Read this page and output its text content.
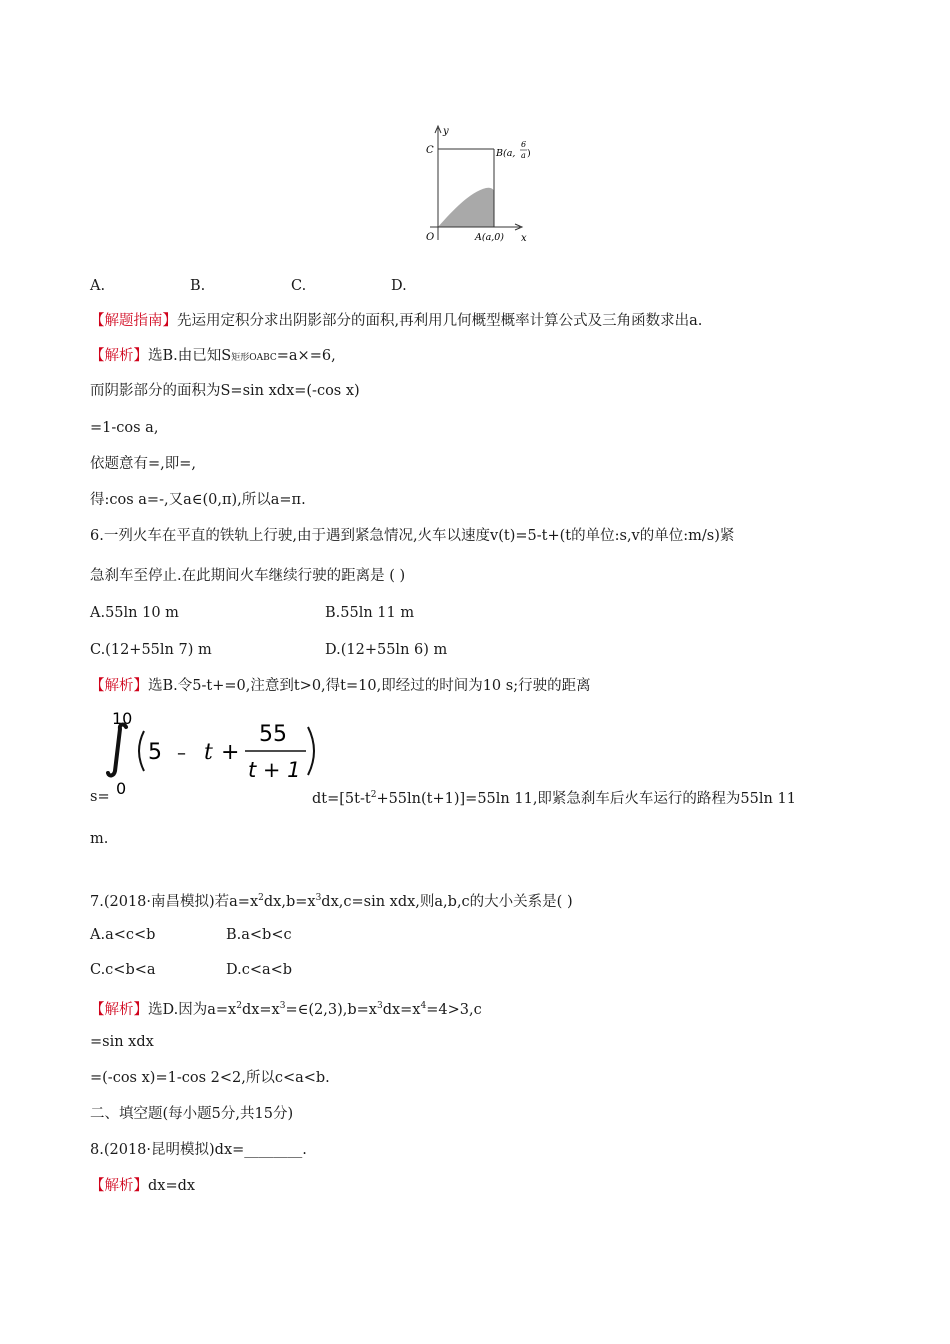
y
x
O
C	B(a,
6
a )
A(a,0)
A.	B.	C.	D.
【解题指南】先运用定积分求出阴影部分的面积,再利用几何概型概率计算公式及三角函数求出a.
【解析】选B.由已知S矩形OABC=a×=6,
而阴影部分的面积为S=sin xdx=(-cos x)
=1-cos a,
依题意有=,即=,
得:cos a=-,又a∈(0,π),所以a=π.
6.一列火车在平直的铁轨上行驶,由于遇到紧急情况,火车以速度v(t)=5-t+(t的单位:s,v的单位:m/s)紧
急刹车至停止.在此期间火车继续行驶的距离是 ( )
A.55ln 10 m	B.55ln 11 m
C.(12+55ln 7) m	D.(12+55ln 6) m
【解析】选B.令5-t+=0,注意到t>0,得t=10,即经过的时间为10 s;行驶的距离
10
0
5 – t +
55
t + 1
s=	$dt=[5t-t^2+55\ln(t+1)]=55\ln$ 11,即紧急刹车后火车运行的路程为55ln 11
m.
7.(2018·南昌模拟)若$a=x^2dx,b=x^3dx,c=\sin$ xdx,则a,b,c的大小关系是( )
A.a<c<b	B.a<b<c
C.c<b<a	D.c<a<b
【解析】选D.因为$a=x^2dx=x^3=\in(2,3),b=x^3dx=x^4=4>3,c$
=sin xdx
=(-cos x)=1-cos 2<2,所以c<a<b.
二、填空题(每小题5分,共15分)
8.(2018·昆明模拟)dx=________.
【解析】dx=dx
